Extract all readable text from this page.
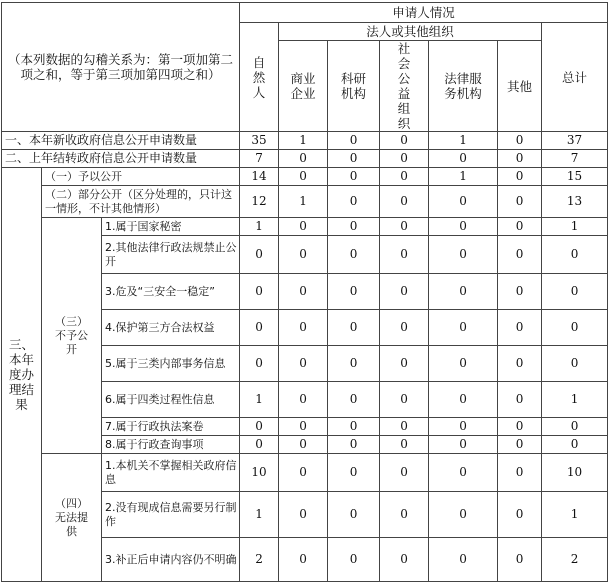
（本列数据的勾稽关系为：第一项加第二项之和，等于第三项加第四项之和）			申请人情况						
			自然人	法人或其他组织					总计
				商业企业	科研机构	社会公益组织	法律服务机构	其他	
一、本年新收政府信息公开申请数量			35	1	0	0	1	0	37
二、上年结转政府信息公开申请数量			7	0	0	0	0	0	7
三、本年度办理结果	（一）予以公开		14	0	0	0	1	0	15
	（二）部分公开（区分处理的，只计这一情形，不计其他情形）		12	1	0	0	0	0	13
	（三）不予公开	1.属于国家秘密	1	0	0	0	0	0	1
		2.其他法律行政法规禁止公开	0	0	0	0	0	0	0
		3.危及“三安全一稳定”	0	0	0	0	0	0	0
		4.保护第三方合法权益	0	0	0	0	0	0	0
		5.属于三类内部事务信息	0	0	0	0	0	0	0
		6.属于四类过程性信息	1	0	0	0	0	0	1
		7.属于行政执法案卷	0	0	0	0	0	0	0
		8.属于行政查询事项	0	0	0	0	0	0	0
	（四）无法提供	1.本机关不掌握相关政府信息	10	0	0	0	0	0	10
		2.没有现成信息需要另行制作	1	0	0	0	0	0	1
		3.补正后申请内容仍不明确	2	0	0	0	0	0	2
